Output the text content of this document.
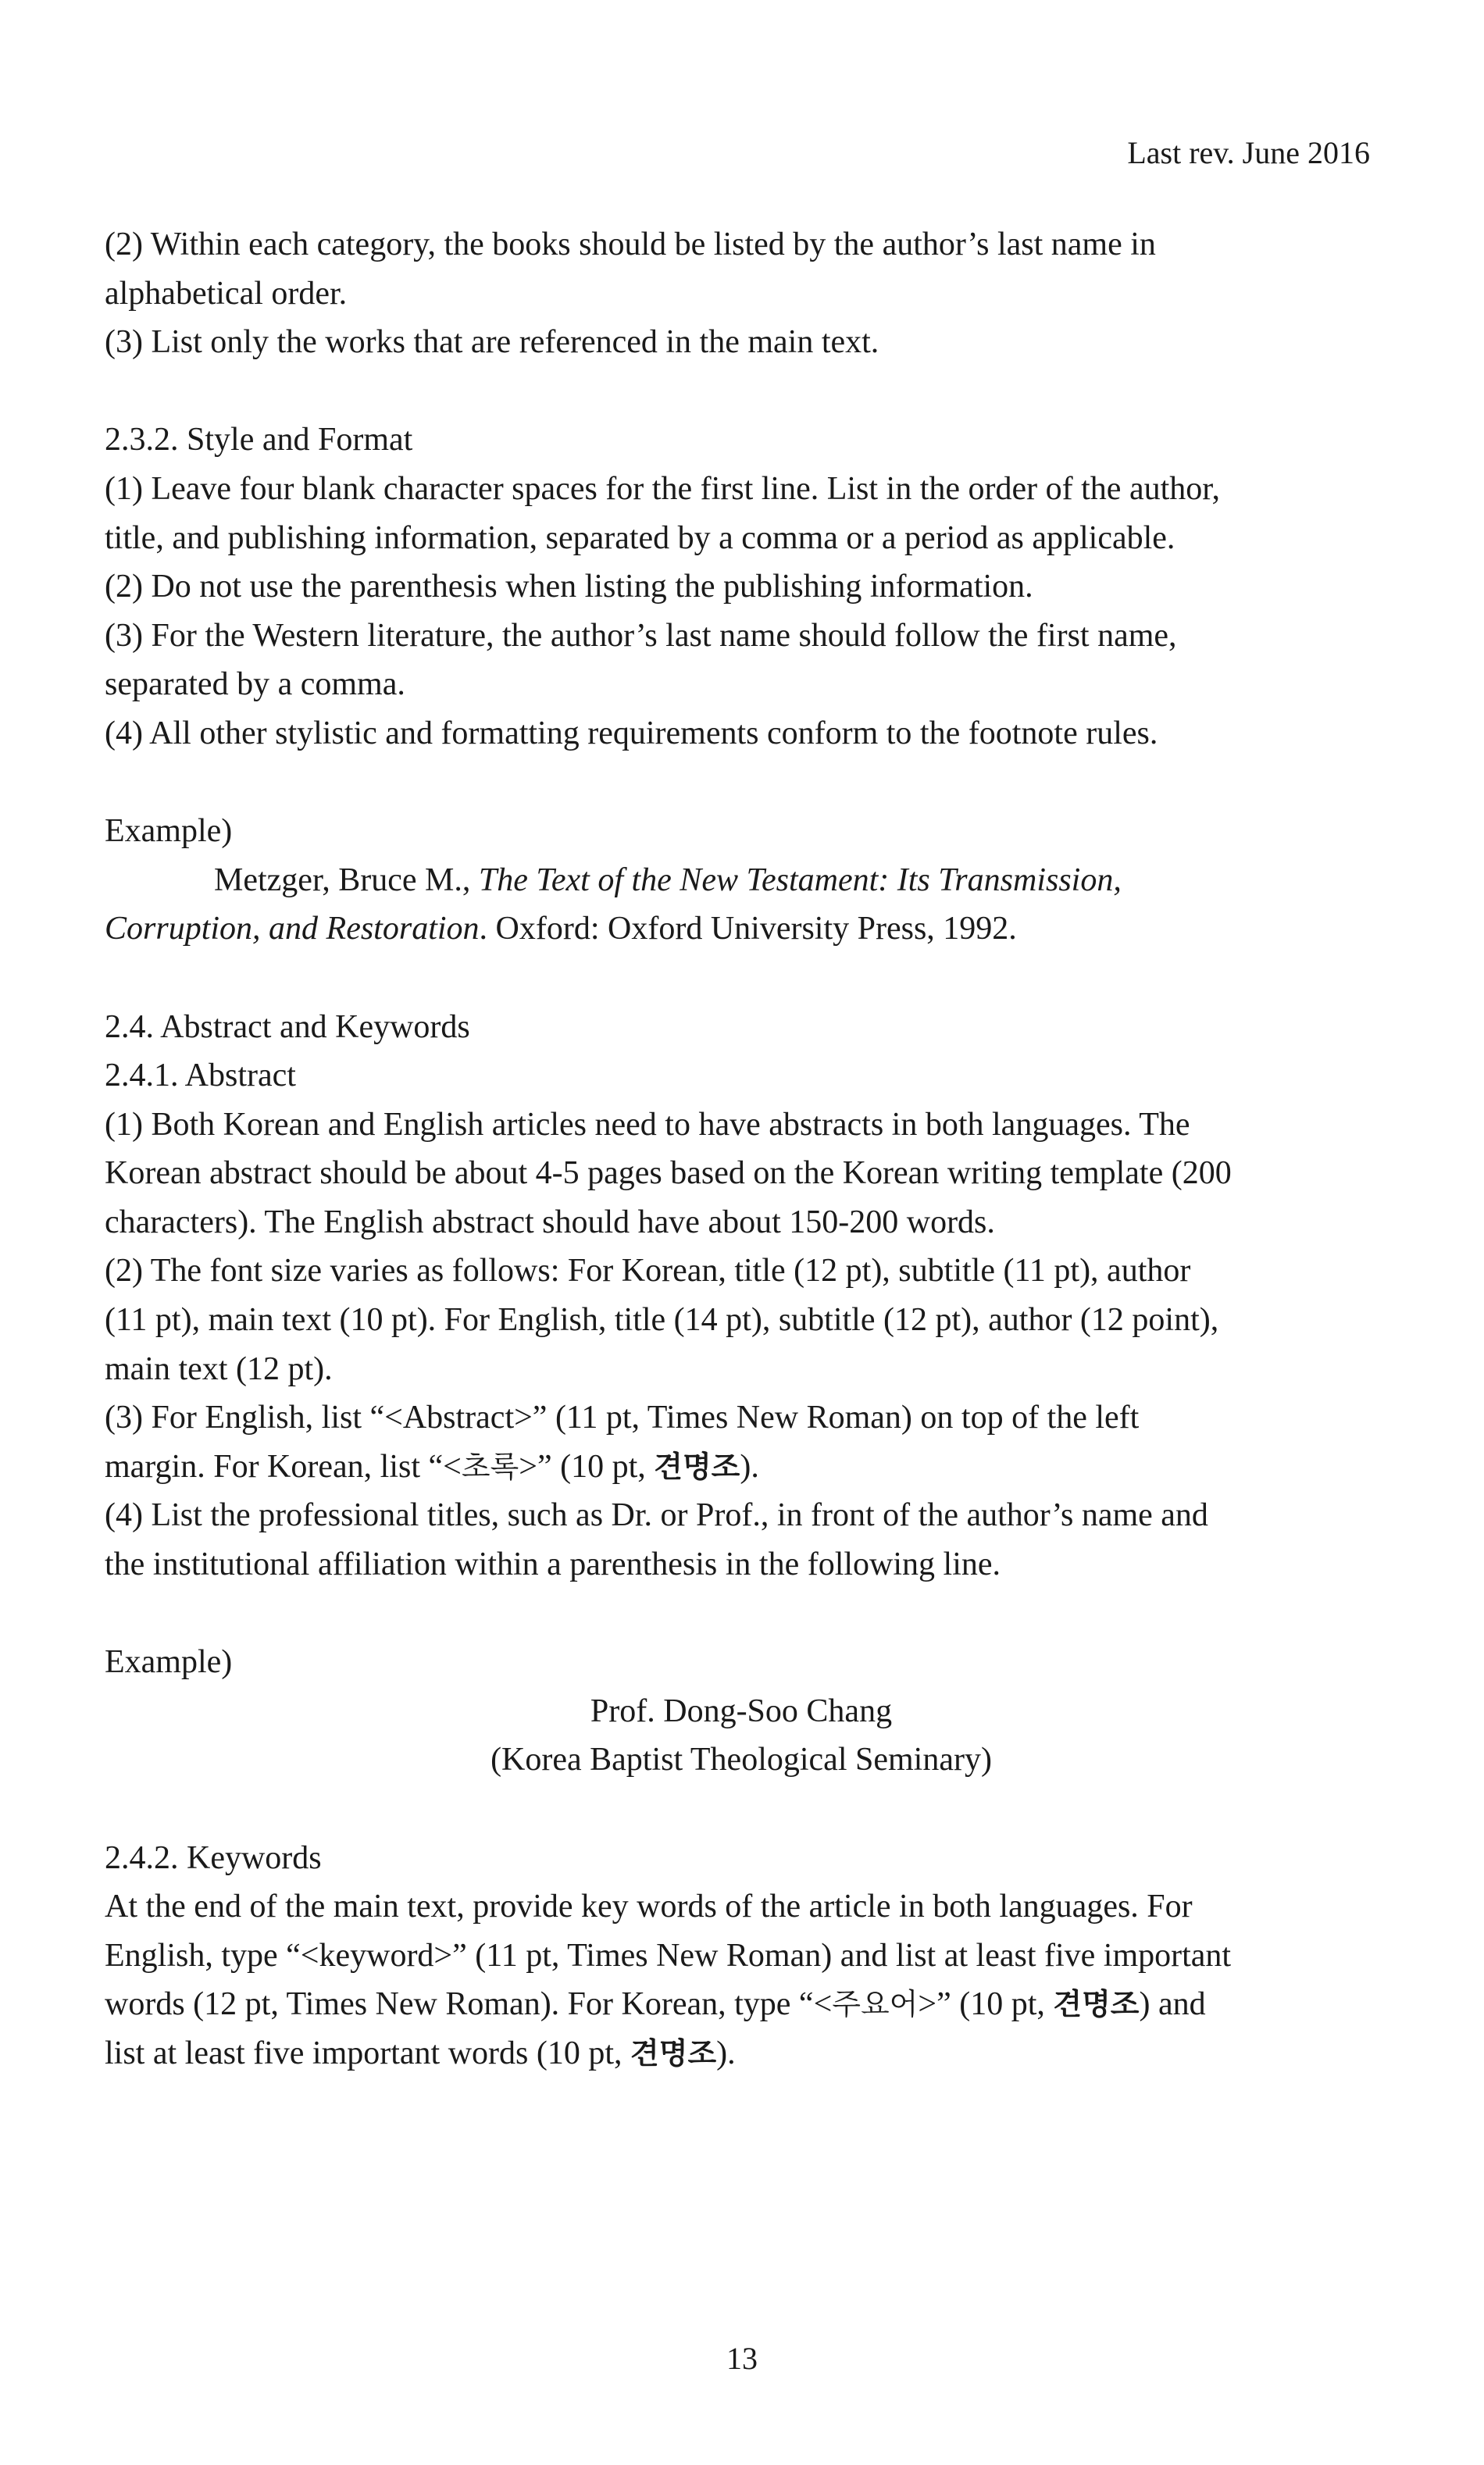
Last rev. June 2016
(2) Within each category, the books should be listed by the author’s last name in
alphabetical order.
(3) List only the works that are referenced in the main text.
2.3.2. Style and Format
(1) Leave four blank character spaces for the first line. List in the order of the author,
title, and publishing information, separated by a comma or a period as applicable.
(2) Do not use the parenthesis when listing the publishing information.
(3) For the Western literature, the author’s last name should follow the first name,
separated by a comma.
(4) All other stylistic and formatting requirements conform to the footnote rules.
Example)
Metzger, Bruce M., The Text of the New Testament: Its Transmission,
Corruption, and Restoration. Oxford: Oxford University Press, 1992.
2.4. Abstract and Keywords
2.4.1. Abstract
(1) Both Korean and English articles need to have abstracts in both languages. The
Korean abstract should be about 4-5 pages based on the Korean writing template (200
characters). The English abstract should have about 150-200 words.
(2) The font size varies as follows: For Korean, title (12 pt), subtitle (11 pt), author
(11 pt), main text (10 pt). For English, title (14 pt), subtitle (12 pt), author (12 point),
main text (12 pt).
(3) For English, list “<Abstract>” (11 pt, Times New Roman) on top of the left
margin. For Korean, list “<초록>” (10 pt, 견명조).
(4) List the professional titles, such as Dr. or Prof., in front of the author’s name and
the institutional affiliation within a parenthesis in the following line.
Example)
Prof. Dong-Soo Chang
(Korea Baptist Theological Seminary)
2.4.2. Keywords
At the end of the main text, provide key words of the article in both languages. For
English, type “<keyword>” (11 pt, Times New Roman) and list at least five important
words (12 pt, Times New Roman). For Korean, type “<주요어>” (10 pt, 견명조) and
list at least five important words (10 pt, 견명조).
13
